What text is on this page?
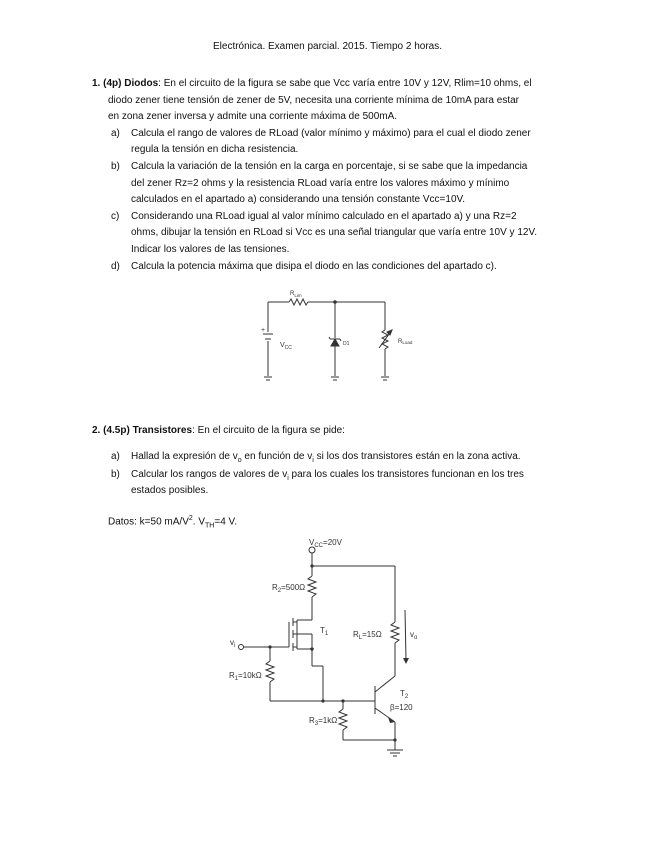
Electrónica. Examen parcial. 2015. Tiempo 2 horas.
1. (4p) Diodos: En el circuito de la figura se sabe que Vcc varía entre 10V y 12V, Rlim=10 ohms, el
diodo zener tiene tensión de zener de 5V, necesita una corriente mínima de 10mA para estar
en zona zener inversa y admite una corriente máxima de 500mA.
a) Calcula el rango de valores de RLoad (valor mínimo y máximo) para el cual el diodo zener
regula la tensión en dicha resistencia.
b) Calcula la variación de la tensión en la carga en porcentaje, si se sabe que la impedancia
del zener Rz=2 ohms y la resistencia RLoad varía entre los valores máximo y mínimo
calculados en el apartado a) considerando una tensión constante Vcc=10V.
c) Considerando una RLoad igual al valor mínimo calculado en el apartado a) y una Rz=2
ohms, dibujar la tensión en RLoad si Vcc es una señal triangular que varía entre 10V y 12V.
Indicar los valores de las tensiones.
d) Calcula la potencia máxima que disipa el diodo en las condiciones del apartado c).
+
$R_{Lim}$
$V_{CC}$
D1	RLoad
2. (4.5p) Transistores: En el circuito de la figura se pide:
a) Hallad la expresión de $v_o$ en función de $v_i$ si los dos transistores están en la zona activa.
b) Calcular los rangos de valores de $v_i$ para los cuales los transistores funcionan en los tres
estados posibles.
Datos: k=50 $mA/V^2$. $V_{TH}=4$ V.
$V_{CC}=20V$
$R_2=500\Omega$
$T_1$
$v_i$
$R_1=10k\Omega$
$R_L=15\Omega$	$v_o$
$T_2$
β=120
$R_3=1k\Omega$
